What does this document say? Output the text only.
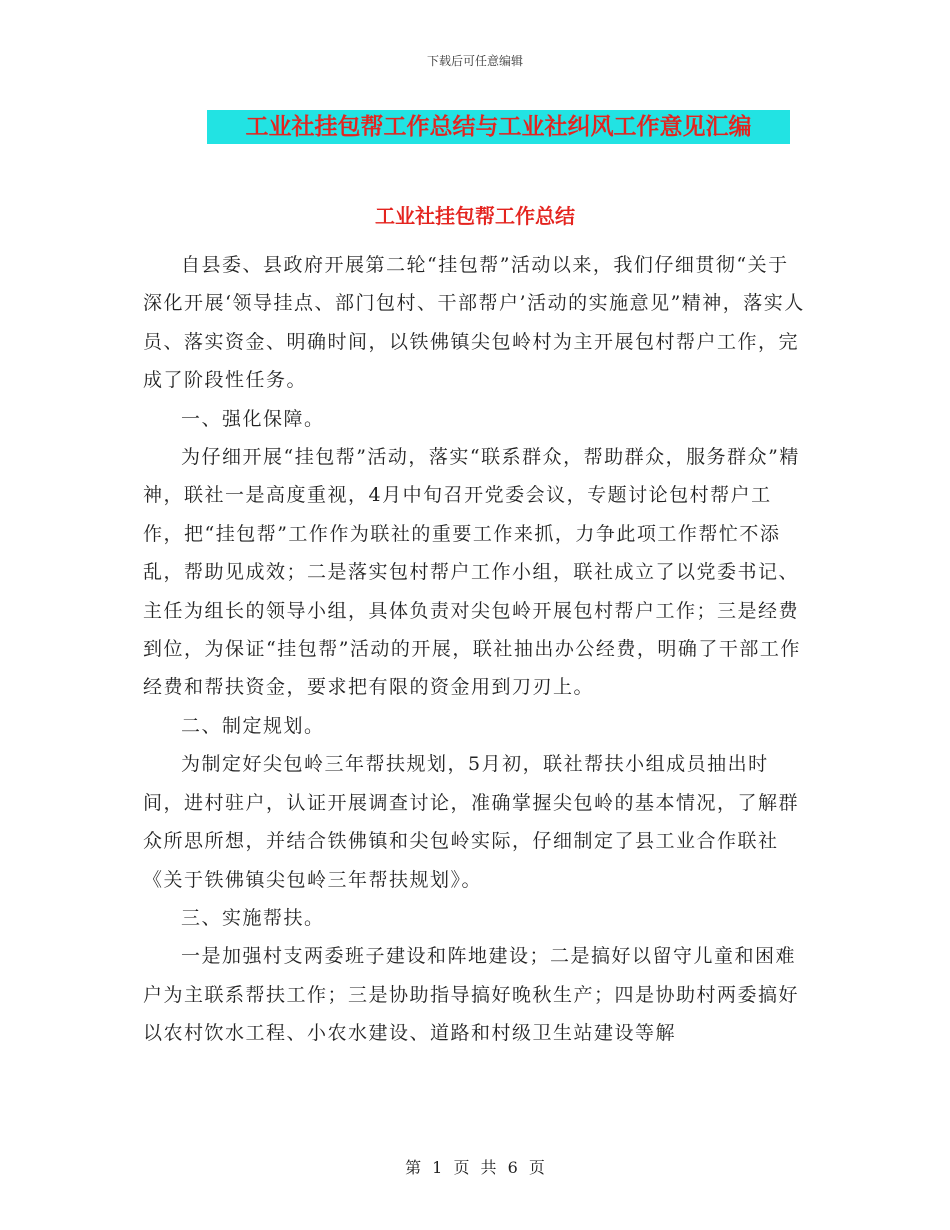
下载后可任意编辑
工业社挂包帮工作总结与工业社纠风工作意见汇编
工业社挂包帮工作总结

自县委、县政府开展第二轮“挂包帮”活动以来，我们仔细贯彻“关于深化开展‘领导挂点、部门包村、干部帮户’活动的实施意见”精神，落实人员、落实资金、明确时间，以铁佛镇尖包岭村为主开展包村帮户工作，完成了阶段性任务。

一、强化保障。

为仔细开展“挂包帮”活动，落实“联系群众，帮助群众，服务群众”精神，联社一是高度重视，4月中旬召开党委会议，专题讨论包村帮户工作，把“挂包帮”工作作为联社的重要工作来抓，力争此项工作帮忙不添乱，帮助见成效；二是落实包村帮户工作小组，联社成立了以党委书记、主任为组长的领导小组，具体负责对尖包岭开展包村帮户工作；三是经费到位，为保证“挂包帮”活动的开展，联社抽出办公经费，明确了干部工作经费和帮扶资金，要求把有限的资金用到刀刃上。

二、制定规划。

为制定好尖包岭三年帮扶规划，5月初，联社帮扶小组成员抽出时间，进村驻户，认证开展调查讨论，准确掌握尖包岭的基本情况，了解群众所思所想，并结合铁佛镇和尖包岭实际，仔细制定了县工业合作联社《关于铁佛镇尖包岭三年帮扶规划》。

三、实施帮扶。

一是加强村支两委班子建设和阵地建设；二是搞好以留守儿童和困难户为主联系帮扶工作；三是协助指导搞好晚秋生产；四是协助村两委搞好以农村饮水工程、小农水建设、道路和村级卫生站建设等解

第 1 页 共 6 页
